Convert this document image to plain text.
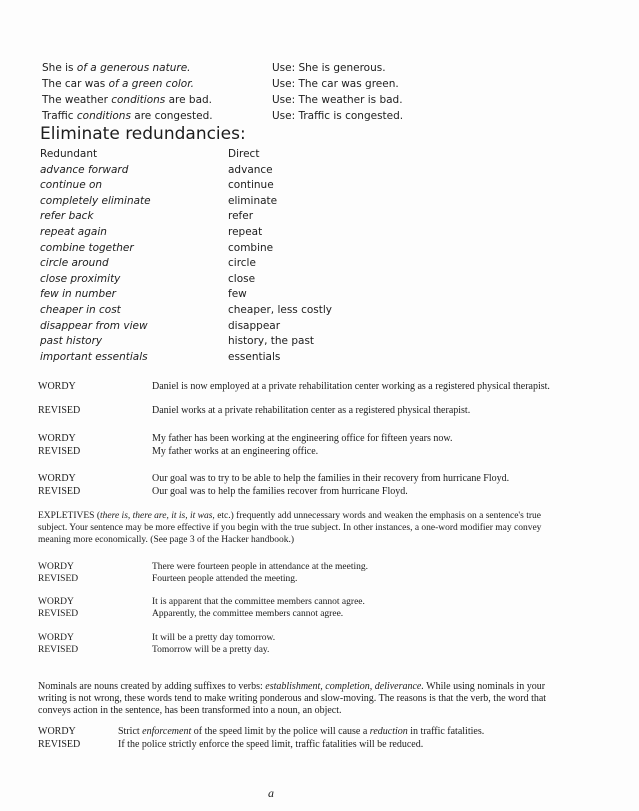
She is of a generous nature.	Use: She is generous.
The car was of a green color.	Use: The car was green.
The weather conditions are bad.	Use: The weather is bad.
Traffic conditions are congested.	Use: Traffic is congested.
Eliminate redundancies:
Redundant	Direct
advance forward	advance
continue on	continue
completely eliminate	eliminate
refer back	refer
repeat again	repeat
combine together	combine
circle around	circle
close proximity	close
few in number	few
cheaper in cost	cheaper, less costly
disappear from view	disappear
past history	history, the past
important essentials	essentials
WORDY	Daniel is now employed at a private rehabilitation center working as a registered physical therapist.
REVISED	Daniel works at a private rehabilitation center as a registered physical therapist.
WORDY	My father has been working at the engineering office for fifteen years now.
REVISED	My father works at an engineering office.
WORDY	Our goal was to try to be able to help the families in their recovery from hurricane Floyd.
REVISED	Our goal was to help the families recover from hurricane Floyd.
EXPLETIVES (there is, there are, it is, it was, etc.) frequently add unnecessary words and weaken the emphasis on a sentence's true subject. Your sentence may be more effective if you begin with the true subject. In other instances, a one-word modifier may convey meaning more economically. (See page 3 of the Hacker handbook.)
WORDY	There were fourteen people in attendance at the meeting.
REVISED	Fourteen people attended the meeting.
WORDY	It is apparent that the committee members cannot agree.
REVISED	Apparently, the committee members cannot agree.
WORDY	It will be a pretty day tomorrow.
REVISED	Tomorrow will be a pretty day.
Nominals are nouns created by adding suffixes to verbs: establishment, completion, deliverance. While using nominals in your writing is not wrong, these words tend to make writing ponderous and slow-moving. The reasons is that the verb, the word that conveys action in the sentence, has been transformed into a noun, an object.
WORDY	Strict enforcement of the speed limit by the police will cause a reduction in traffic fatalities.
REVISED	If the police strictly enforce the speed limit, traffic fatalities will be reduced.
a
